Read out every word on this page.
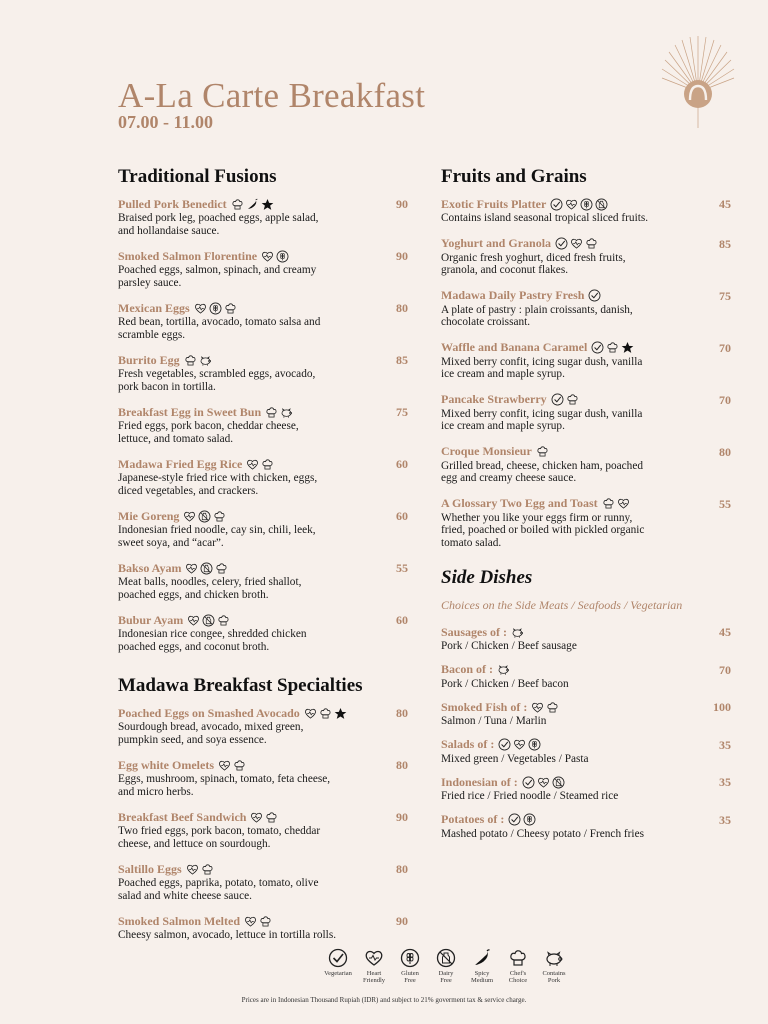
A-La Carte Breakfast
07.00 - 11.00
Traditional Fusions
Pulled Pork Benedict	90
Braised pork leg, poached eggs, apple salad,
and hollandaise sauce.
Smoked Salmon Florentine	90
Poached eggs, salmon, spinach, and creamy
parsley sauce.
Mexican Eggs	80
Red bean, tortilla, avocado, tomato salsa and
scramble eggs.
Burrito Egg	85
Fresh vegetables, scrambled eggs, avocado,
pork bacon in tortilla.
Breakfast Egg in Sweet Bun	75
Fried eggs, pork bacon, cheddar cheese,
lettuce, and tomato salad.
Madawa Fried Egg Rice	60
Japanese-style fried rice with chicken, eggs,
diced vegetables, and crackers.
Mie Goreng	60
Indonesian fried noodle, cay sin, chili, leek,
sweet soya, and “acar”.
Bakso Ayam	55
Meat balls, noodles, celery, fried shallot,
poached eggs, and chicken broth.
Bubur Ayam	60
Indonesian rice congee, shredded chicken
poached eggs, and coconut broth.
Madawa Breakfast Specialties
Poached Eggs on Smashed Avocado	80
Sourdough bread, avocado, mixed green,
pumpkin seed, and soya essence.
Egg white Omelets	80
Eggs, mushroom, spinach, tomato, feta cheese,
and micro herbs.
Breakfast Beef Sandwich	90
Two fried eggs, pork bacon, tomato, cheddar
cheese, and lettuce on sourdough.
Saltillo Eggs	80
Poached eggs, paprika, potato, tomato, olive
salad and white cheese sauce.
Smoked Salmon Melted	90
Cheesy salmon, avocado, lettuce in tortilla rolls.
Fruits and Grains
Exotic Fruits Platter	45
Contains island seasonal tropical sliced fruits.
Yoghurt and Granola	85
Organic fresh yoghurt, diced fresh fruits,
granola, and coconut flakes.
Madawa Daily Pastry Fresh	75
A plate of pastry : plain croissants, danish,
chocolate croissant.
Waffle and Banana Caramel	70
Mixed berry confit, icing sugar dush, vanilla
ice cream and maple syrup.
Pancake Strawberry	70
Mixed berry confit, icing sugar dush, vanilla
ice cream and maple syrup.
Croque Monsieur	80
Grilled bread, cheese, chicken ham, poached
egg and creamy cheese sauce.
A Glossary Two Egg and Toast	55
Whether you like your eggs firm or runny,
fried, poached or boiled with pickled organic
tomato salad.
Side Dishes
Choices on the Side Meats / Seafoods / Vegetarian
Sausages of :	45
Pork / Chicken / Beef sausage
Bacon of :	70
Pork / Chicken / Beef bacon
Smoked Fish of :	100
Salmon / Tuna / Marlin
Salads of :	35
Mixed green / Vegetables / Pasta
Indonesian of :	35
Fried rice / Fried noodle / Steamed rice
Potatoes of :	35
Mashed potato / Cheesy potato / French fries
Vegetarian	Heart
Friendly
Gluten
Free
Dairy
Free
Spicy
Medium
Chef's
Choice
Contains
Pork
Prices are in Indonesian Thousand Rupiah (IDR) and subject to 21% goverment tax & service charge.
